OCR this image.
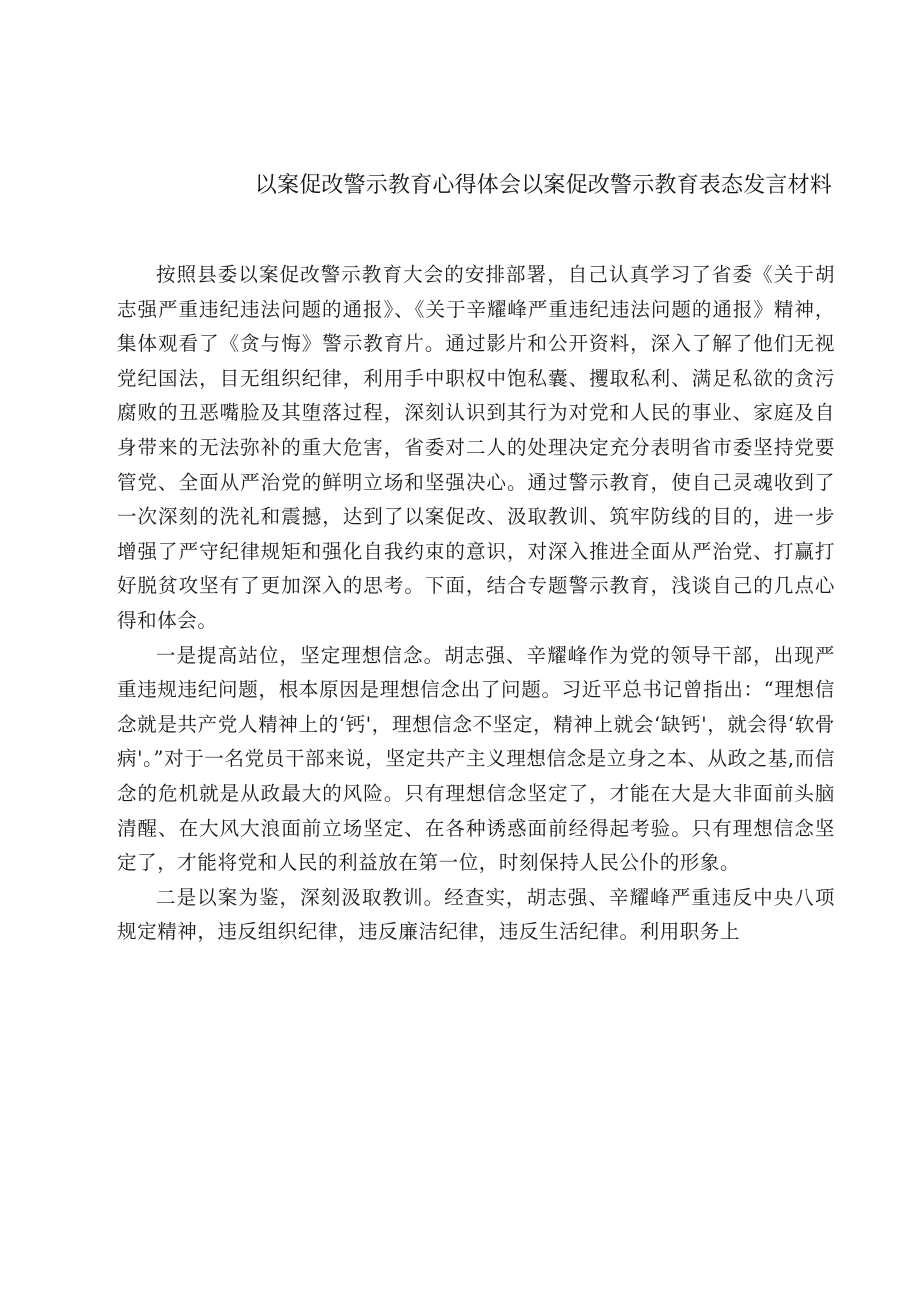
以案促改警示教育心得体会以案促改警示教育表态发言材料

按照县委以案促改警示教育大会的安排部署，自己认真学习了省委《关于胡志强严重违纪违法问题的通报》、《关于辛耀峰严重违纪违法问题的通报》精神，集体观看了《贪与悔》警示教育片。通过影片和公开资料，深入了解了他们无视党纪国法，目无组织纪律，利用手中职权中饱私囊、攫取私利、满足私欲的贪污腐败的丑恶嘴脸及其堕落过程，深刻认识到其行为对党和人民的事业、家庭及自身带来的无法弥补的重大危害，省委对二人的处理决定充分表明省市委坚持党要管党、全面从严治党的鲜明立场和坚强决心。通过警示教育，使自己灵魂收到了一次深刻的洗礼和震撼，达到了以案促改、汲取教训、筑牢防线的目的，进一步增强了严守纪律规矩和强化自我约束的意识，对深入推进全面从严治党、打赢打好脱贫攻坚有了更加深入的思考。下面，结合专题警示教育，浅谈自己的几点心得和体会。

一是提高站位，坚定理想信念。胡志强、辛耀峰作为党的领导干部，出现严重违规违纪问题，根本原因是理想信念出了问题。习近平总书记曾指出：“理想信念就是共产党人精神上的‘钙'，理想信念不坚定，精神上就会‘缺钙'，就会得‘软骨病'。”对于一名党员干部来说，坚定共产主义理想信念是立身之本、从政之基,而信念的危机就是从政最大的风险。只有理想信念坚定了，才能在大是大非面前头脑清醒、在大风大浪面前立场坚定、在各种诱惑面前经得起考验。只有理想信念坚定了，才能将党和人民的利益放在第一位，时刻保持人民公仆的形象。

二是以案为鉴，深刻汲取教训。经查实，胡志强、辛耀峰严重违反中央八项规定精神，违反组织纪律，违反廉洁纪律，违反生活纪律。利用职务上
